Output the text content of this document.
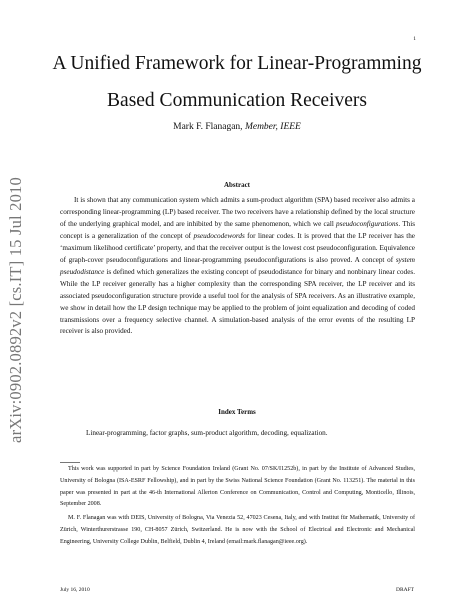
1
A Unified Framework for Linear-Programming
Based Communication Receivers
Mark F. Flanagan, Member, IEEE
arXiv:0902.0892v2 [cs.IT] 15 Jul 2010	Abstract

It is shown that any communication system which admits a sum-product algorithm (SPA) based receiver also admits a corresponding linear-programming (LP) based receiver. The two receivers have a relationship defined by the local structure of the underlying graphical model, and are inhibited by the same phenomenon, which we call pseudoconfigurations. This concept is a generalization of the concept of pseudocodewords for linear codes. It is proved that the LP receiver has the ‘maximum likelihood certificate’ property, and that the receiver output is the lowest cost pseudoconfiguration. Equivalence of graph-cover pseudoconfigurations and linear-programming pseudoconfigurations is also proved. A concept of system pseudodistance is defined which generalizes the existing concept of pseudodistance for binary and nonbinary linear codes. While the LP receiver generally has a higher complexity than the corresponding SPA receiver, the LP receiver and its associated pseudoconfiguration structure provide a useful tool for the analysis of SPA receivers. As an illustrative example, we show in detail how the LP design technique may be applied to the problem of joint equalization and decoding of coded transmissions over a frequency selective channel. A simulation-based analysis of the error events of the resulting LP receiver is also provided.

Index Terms
Linear-programming, factor graphs, sum-product algorithm, decoding, equalization.

This work was supported in part by Science Foundation Ireland (Grant No. 07/SK/I1252b), in part by the Institute of Advanced Studies, University of Bologna (ISA-ESRF Fellowship), and in part by the Swiss National Science Foundation (Grant No. 113251). The material in this paper was presented in part at the 46-th International Allerton Conference on Communication, Control and Computing, Monticello, Illinois, September 2008.

M. F. Flanagan was with DEIS, University of Bologna, Via Venezia 52, 47023 Cesena, Italy, and with Institut für Mathematik, University of Zürich, Winterthurerstrasse 190, CH-8057 Zürich, Switzerland. He is now with the School of Electrical and Electronic and Mechanical Engineering, University College Dublin, Belfield, Dublin 4, Ireland (email:mark.flanagan@ieee.org).

July 16, 2010	DRAFT
